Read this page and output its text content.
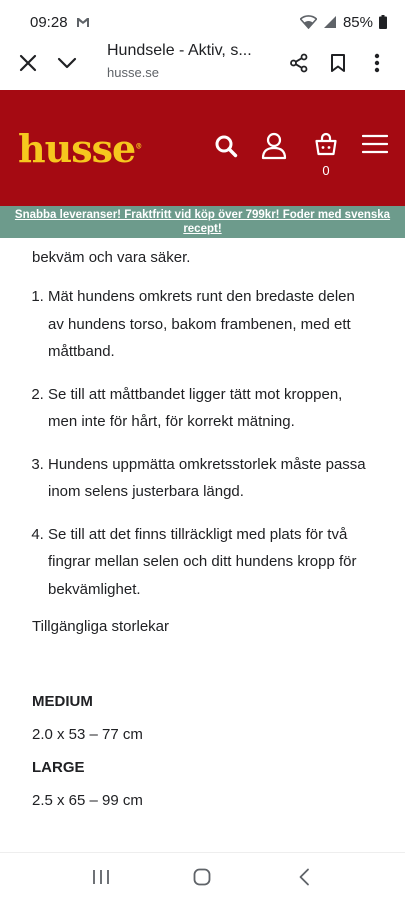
09:28	85%
Hundsele - Aktiv, s...
husse.se
husse®
0
Snabba leveranser! Fraktfritt vid köp över 799kr! Foder med svenska recept!

bekväm och vara säker.

1. Mät hundens omkrets runt den bredaste delen av hundens torso, bakom frambenen, med ett måttband.
2. Se till att måttbandet ligger tätt mot kroppen, men inte för hårt, för korrekt mätning.
3. Hundens uppmätta omkretsstorlek måste passa inom selens justerbara längd.
4. Se till att det finns tillräckligt med plats för två fingrar mellan selen och ditt hundens kropp för bekvämlighet.

Tillgängliga storlekar

MEDIUM

2.0 x 53 – 77 cm

LARGE

2.5 x 65 – 99 cm
